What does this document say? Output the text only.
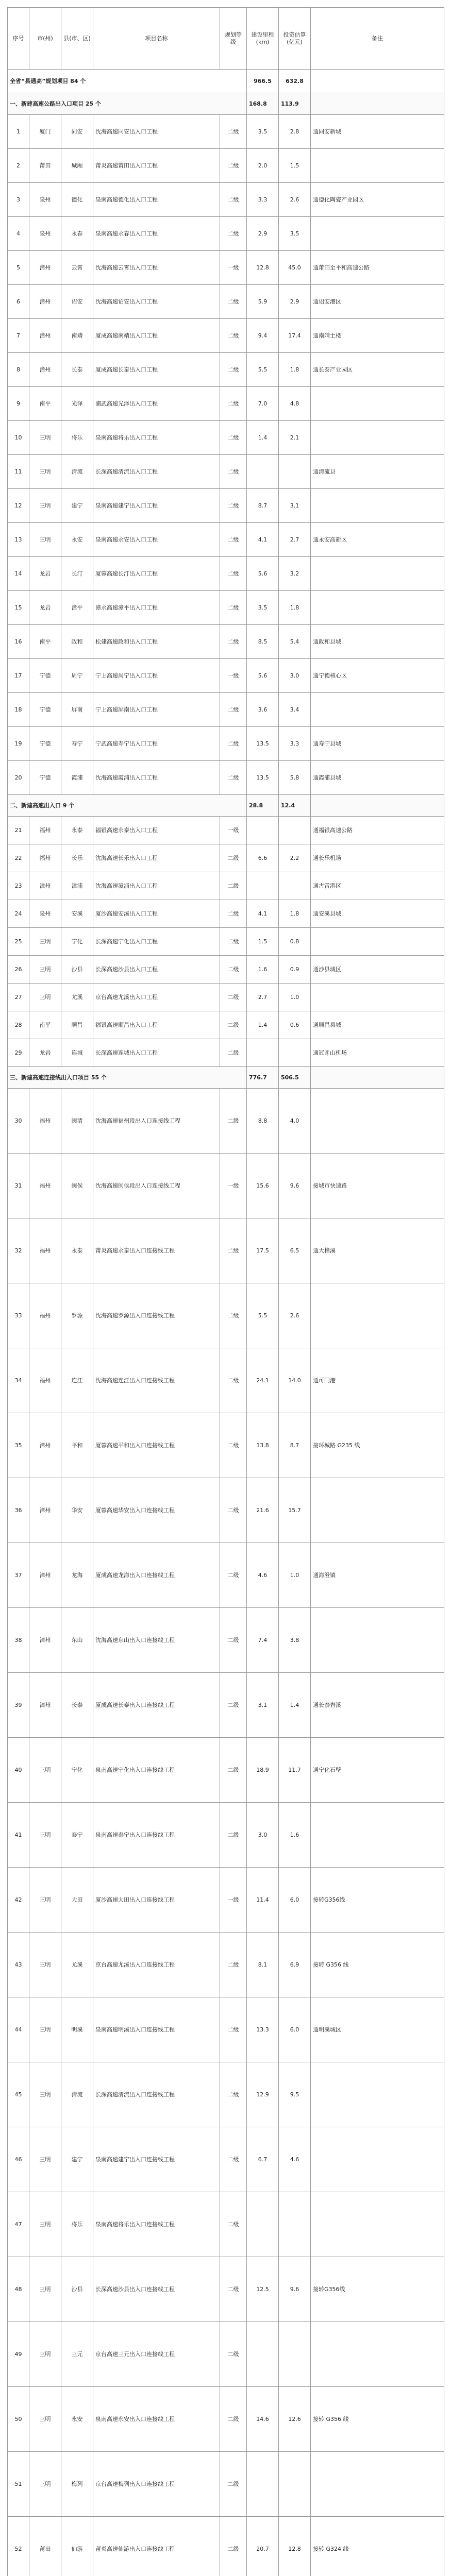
序号	市(州)	县(市、区)	项目名称	规划等级	建设里程(km)	投资估算(亿元)	备注
全省“县通高”规划项目 84 个					966.5	632.8	
一、新建高速公路出入口项目 25 个					168.8	113.9	
1	厦门	同安	沈海高速同安出入口工程	二级	3.5	2.8	通同安新城
2	莆田	城厢	莆炎高速莆田出入口工程	二级	2.0	1.5	
3	泉州	德化	泉南高速德化出入口工程	二级	3.3	2.6	通德化陶瓷产业园区
4	泉州	永春	泉南高速永春出入口工程	二级	2.9	3.5	
5	漳州	云霄	沈海高速云霄出入口工程	一级	12.8	45.0	通莆田至平和高速公路
6	漳州	诏安	沈海高速诏安出入口工程	二级	5.9	2.9	通诏安港区
7	漳州	南靖	厦成高速南靖出入口工程	二级	9.4	17.4	通南靖土楼
8	漳州	长泰	厦成高速长泰出入口工程	二级	5.5	1.8	通长泰产业园区
9	南平	光泽	浦武高速光泽出入口工程	二级	7.0	4.8	
10	三明	将乐	泉南高速将乐出入口工程	二级	1.4	2.1	
11	三明	清流	长深高速清流出入口工程	二级			通清流县
12	三明	建宁	泉南高速建宁出入口工程	二级	8.7	3.1	
13	三明	永安	泉南高速永安出入口工程	二级	4.1	2.7	通永安高新区
14	龙岩	长汀	厦蓉高速长汀出入口工程	二级	5.6	3.2	
15	龙岩	漳平	漳永高速漳平出入口工程	二级	3.5	1.8	
16	南平	政和	松建高速政和出入口工程	二级	8.5	5.4	通政和县城
17	宁德	周宁	宁上高速周宁出入口工程	一级	5.6	3.0	通宁德核心区
18	宁德	屏南	宁上高速屏南出入口工程	二级	3.6	3.4	
19	宁德	寿宁	宁武高速寿宁出入口工程	二级	13.5	3.3	通寿宁县城
20	宁德	霞浦	沈海高速霞浦出入口工程	二级	13.5	5.8	通霞浦县城
二、新建高速出入口 9 个					28.8	12.4	
21	福州	永泰	福银高速永泰出入口工程	一级			通福银高速公路
22	福州	长乐	沈海高速长乐出入口工程	二级	6.6	2.2	通长乐机场
23	漳州	漳浦	沈海高速漳浦出入口工程	二级			通古雷港区
24	泉州	安溪	厦沙高速安溪出入口工程	二级	4.1	1.8	通安溪县城
25	三明	宁化	长深高速宁化出入口工程	二级	1.5	0.8	
26	三明	沙县	长深高速沙县出入口工程	二级	1.6	0.9	通沙县城区
27	三明	尤溪	京台高速尤溪出入口工程	二级	2.7	1.0	
28	南平	顺昌	福银高速顺昌出入口工程	二级	1.4	0.6	通顺昌县城
29	龙岩	连城	长深高速连城出入口工程	二级			通冠豸山机场
三、新建高速连接线出入口项目 55 个					776.7	506.5	
30	福州	闽清	沈海高速福州段出入口连接线工程	二级	8.8	4.0	
31	福州	闽侯	沈海高速闽侯段出入口连接线工程	一级	15.6	9.6	接城市快速路
32	福州	永泰	莆炎高速永泰出入口连接线工程	二级	17.5	6.5	通大樟溪
33	福州	罗源	沈海高速罗源出入口连接线工程	二级	5.5	2.6	
34	福州	连江	沈海高速连江出入口连接线工程	二级	24.1	14.0	通可门港
35	漳州	平和	厦蓉高速平和出入口连接线工程	二级	13.8	8.7	接环城路 G235 线
36	漳州	华安	厦蓉高速华安出入口连接线工程	二级	21.6	15.7	
37	漳州	龙海	厦成高速龙海出入口连接线工程	二级	4.6	1.0	通海澄镇
38	漳州	东山	沈海高速东山出入口连接线工程	二级	7.4	3.8	
39	漳州	长泰	厦成高速长泰出入口连接线工程	二级	3.1	1.4	通长泰岩溪
40	三明	宁化	泉南高速宁化出入口连接线工程	二级	18.9	11.7	通宁化石壁
41	三明	泰宁	泉南高速泰宁出入口连接线工程	二级	3.0	1.6	
42	三明	大田	厦沙高速大田出入口连接线工程	一级	11.4	6.0	接转G356线
43	三明	尤溪	京台高速尤溪出入口连接线工程	二级	8.1	6.9	接转 G356 线
44	三明	明溪	泉南高速明溪出入口连接线工程	二级	13.3	6.0	通明溪城区
45	三明	清流	长深高速清流出入口连接线工程	二级	12.9	9.5	
46	三明	建宁	泉南高速建宁出入口连接线工程	二级	6.7	4.6	
47	三明	将乐	泉南高速将乐出入口连接线工程	二级			
48	三明	沙县	长深高速沙县出入口连接线工程	二级	12.5	9.6	接转G356线
49	三明	三元	京台高速三元出入口连接线工程	二级			
50	三明	永安	泉南高速永安出入口连接线工程	二级	14.6	12.6	接转 G356 线
51	三明	梅列	京台高速梅列出入口连接线工程	二级			
52	莆田	仙游	莆炎高速仙游出入口连接线工程	二级	20.7	12.8	接转 G324 线
